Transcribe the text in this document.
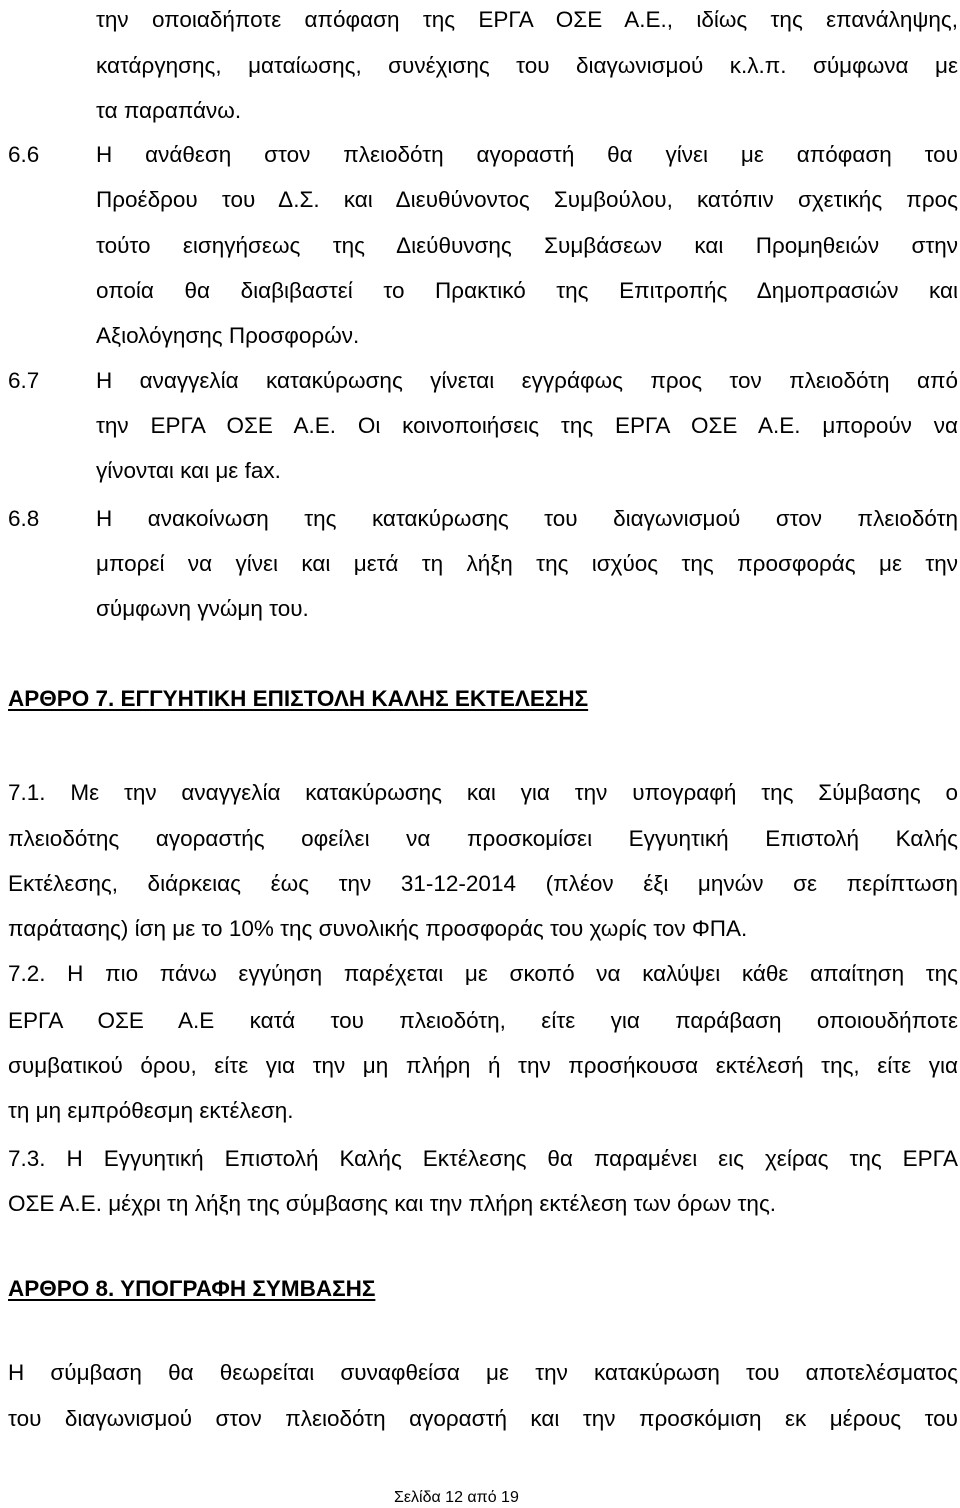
την οποιαδήποτε απόφαση της ΕΡΓΑ ΟΣΕ Α.Ε., ιδίως της επανάληψης,
κατάργησης, ματαίωσης, συνέχισης του διαγωνισμού κ.λ.π. σύμφωνα με
τα παραπάνω.
6.6	Η ανάθεση στον πλειοδότη αγοραστή θα γίνει με απόφαση του
Προέδρου του Δ.Σ. και Διευθύνοντος Συμβούλου, κατόπιν σχετικής προς
τούτο εισηγήσεως της Διεύθυνσης Συμβάσεων και Προμηθειών στην
οποία θα διαβιβαστεί το Πρακτικό της Επιτροπής Δημοπρασιών και
Αξιολόγησης Προσφορών.
6.7	Η αναγγελία κατακύρωσης γίνεται εγγράφως προς τον πλειοδότη από
την ΕΡΓΑ ΟΣΕ Α.Ε. Οι κοινοποιήσεις της ΕΡΓΑ ΟΣΕ Α.Ε. μπορούν να
γίνονται και με fax.
6.8	Η ανακοίνωση της κατακύρωσης του διαγωνισμού στον πλειοδότη
μπορεί να γίνει και μετά τη λήξη της ισχύος της προσφοράς με την
σύμφωνη γνώμη του.
ΑΡΘΡΟ 7. ΕΓΓΥΗΤΙΚΗ ΕΠΙΣΤΟΛΗ ΚΑΛΗΣ ΕΚΤΕΛΕΣΗΣ
7.1. Με την αναγγελία κατακύρωσης και για την υπογραφή της Σύμβασης ο
πλειοδότης αγοραστής οφείλει να προσκομίσει Εγγυητική Επιστολή Καλής
Εκτέλεσης, διάρκειας έως την 31-12-2014 (πλέον έξι μηνών σε περίπτωση
παράτασης) ίση με το 10% της συνολικής προσφοράς του χωρίς τον ΦΠΑ.
7.2. Η πιο πάνω εγγύηση παρέχεται με σκοπό να καλύψει κάθε απαίτηση της
ΕΡΓΑ ΟΣΕ Α.Ε κατά του πλειοδότη, είτε για παράβαση οποιουδήποτε
συμβατικού όρου, είτε για την μη πλήρη ή την προσήκουσα εκτέλεσή της, είτε για
τη μη εμπρόθεσμη εκτέλεση.
7.3. Η Εγγυητική Επιστολή Καλής Εκτέλεσης θα παραμένει εις χείρας της ΕΡΓΑ
ΟΣΕ Α.Ε. μέχρι τη λήξη της σύμβασης και την πλήρη εκτέλεση των όρων της.
ΑΡΘΡΟ 8. ΥΠΟΓΡΑΦΗ ΣΥΜΒΑΣΗΣ
Η σύμβαση θα θεωρείται συναφθείσα με την κατακύρωση του αποτελέσματος
του διαγωνισμού στον πλειοδότη αγοραστή και την προσκόμιση εκ μέρους του
Σελίδα 12 από 19
